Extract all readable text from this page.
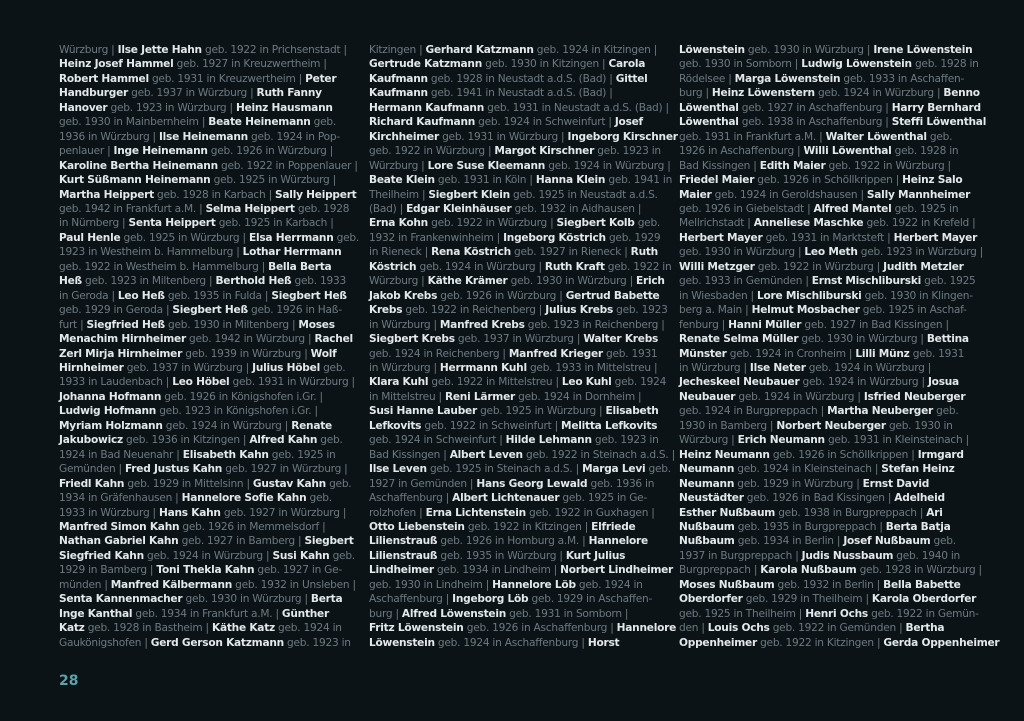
Würzburg | Ilse Jette Hahn geb. 1922 in Prichsenstadt |
Heinz Josef Hammel geb. 1927 in Kreuzwertheim |
Robert Hammel geb. 1931 in Kreuzwertheim | Peter
Handburger geb. 1937 in Würzburg | Ruth Fanny
Hanover geb. 1923 in Würzburg | Heinz Hausmann
geb. 1930 in Mainbernheim | Beate Heinemann geb.
1936 in Würzburg | Ilse Heinemann geb. 1924 in Pop-
penlauer | Inge Heinemann geb. 1926 in Würzburg |
Karoline Bertha Heinemann geb. 1922 in Poppenlauer |
Kurt Süßmann Heinemann geb. 1925 in Würzburg |
Martha Heippert geb. 1928 in Karbach | Sally Heippert
geb. 1942 in Frankfurt a.M. | Selma Heippert geb. 1928
in Nürnberg | Senta Heippert geb. 1925 in Karbach |
Paul Henle geb. 1925 in Würzburg | Elsa Herrmann geb.
1923 in Westheim b. Hammelburg | Lothar Herrmann
geb. 1922 in Westheim b. Hammelburg | Bella Berta
Heß geb. 1923 in Miltenberg | Berthold Heß geb. 1933
in Geroda | Leo Heß geb. 1935 in Fulda | Siegbert Heß
geb. 1929 in Geroda | Siegbert Heß geb. 1926 in Haß-
furt | Siegfried Heß geb. 1930 in Miltenberg | Moses
Menachim Hirnheimer geb. 1942 in Würzburg | Rachel
Zerl Mirja Hirnheimer geb. 1939 in Würzburg | Wolf
Hirnheimer geb. 1937 in Würzburg | Julius Höbel geb.
1933 in Laudenbach | Leo Höbel geb. 1931 in Würzburg |
Johanna Hofmann geb. 1926 in Königshofen i.Gr. |
Ludwig Hofmann geb. 1923 in Königshofen i.Gr. |
Myriam Holzmann geb. 1924 in Würzburg | Renate
Jakubowicz geb. 1936 in Kitzingen | Alfred Kahn geb.
1924 in Bad Neuenahr | Elisabeth Kahn geb. 1925 in
Gemünden | Fred Justus Kahn geb. 1927 in Würzburg |
Friedl Kahn geb. 1929 in Mittelsinn | Gustav Kahn geb.
1934 in Gräfenhausen | Hannelore Sofie Kahn geb.
1933 in Würzburg | Hans Kahn geb. 1927 in Würzburg |
Manfred Simon Kahn geb. 1926 in Memmelsdorf |
Nathan Gabriel Kahn geb. 1927 in Bamberg | Siegbert
Siegfried Kahn geb. 1924 in Würzburg | Susi Kahn geb.
1929 in Bamberg | Toni Thekla Kahn geb. 1927 in Ge-
münden | Manfred Kälbermann geb. 1932 in Unsleben |
Senta Kannenmacher geb. 1930 in Würzburg | Berta
Inge Kanthal geb. 1934 in Frankfurt a.M. | Günther
Katz geb. 1928 in Bastheim | Käthe Katz geb. 1924 in
Gaukönigshofen | Gerd Gerson Katzmann geb. 1923 in
Kitzingen | Gerhard Katzmann geb. 1924 in Kitzingen |
Gertrude Katzmann geb. 1930 in Kitzingen | Carola
Kaufmann geb. 1928 in Neustadt a.d.S. (Bad) | Gittel
Kaufmann geb. 1941 in Neustadt a.d.S. (Bad) |
Hermann Kaufmann geb. 1931 in Neustadt a.d.S. (Bad) |
Richard Kaufmann geb. 1924 in Schweinfurt | Josef
Kirchheimer geb. 1931 in Würzburg | Ingeborg Kirschner
geb. 1922 in Würzburg | Margot Kirschner geb. 1923 in
Würzburg | Lore Suse Kleemann geb. 1924 in Würzburg |
Beate Klein geb. 1931 in Köln | Hanna Klein geb. 1941 in
Theilheim | Siegbert Klein geb. 1925 in Neustadt a.d.S.
(Bad) | Edgar Kleinhäuser geb. 1932 in Aidhausen |
Erna Kohn geb. 1922 in Würzburg | Siegbert Kolb geb.
1932 in Frankenwinheim | Ingeborg Köstrich geb. 1929
in Rieneck | Rena Köstrich geb. 1927 in Rieneck | Ruth
Köstrich geb. 1924 in Würzburg | Ruth Kraft geb. 1922 in
Würzburg | Käthe Krämer geb. 1930 in Würzburg | Erich
Jakob Krebs geb. 1926 in Würzburg | Gertrud Babette
Krebs geb. 1922 in Reichenberg | Julius Krebs geb. 1923
in Würzburg | Manfred Krebs geb. 1923 in Reichenberg |
Siegbert Krebs geb. 1937 in Würzburg | Walter Krebs
geb. 1924 in Reichenberg | Manfred Krieger geb. 1931
in Würzburg | Herrmann Kuhl geb. 1933 in Mittelstreu |
Klara Kuhl geb. 1922 in Mittelstreu | Leo Kuhl geb. 1924
in Mittelstreu | Reni Lärmer geb. 1924 in Dornheim |
Susi Hanne Lauber geb. 1925 in Würzburg | Elisabeth
Lefkovits geb. 1922 in Schweinfurt | Melitta Lefkovits
geb. 1924 in Schweinfurt | Hilde Lehmann geb. 1923 in
Bad Kissingen | Albert Leven geb. 1922 in Steinach a.d.S. |
Ilse Leven geb. 1925 in Steinach a.d.S. | Marga Levi geb.
1927 in Gemünden | Hans Georg Lewald geb. 1936 in
Aschaffenburg | Albert Lichtenauer geb. 1925 in Ge-
rolzhofen | Erna Lichtenstein geb. 1922 in Guxhagen |
Otto Liebenstein geb. 1922 in Kitzingen | Elfriede
Lilienstrauß geb. 1926 in Homburg a.M. | Hannelore
Lilienstrauß geb. 1935 in Würzburg | Kurt Julius
Lindheimer geb. 1934 in Lindheim | Norbert Lindheimer
geb. 1930 in Lindheim | Hannelore Löb geb. 1924 in
Aschaffenburg | Ingeborg Löb geb. 1929 in Aschaffen-
burg | Alfred Löwenstein geb. 1931 in Somborn |
Fritz Löwenstein geb. 1926 in Aschaffenburg | Hannelore
Löwenstein geb. 1924 in Aschaffenburg | Horst
Löwenstein geb. 1930 in Würzburg | Irene Löwenstein
geb. 1930 in Somborn | Ludwig Löwenstein geb. 1928 in
Rödelsee | Marga Löwenstein geb. 1933 in Aschaffen-
burg | Heinz Löwenstern geb. 1924 in Würzburg | Benno
Löwenthal geb. 1927 in Aschaffenburg | Harry Bernhard
Löwenthal geb. 1938 in Aschaffenburg | Steffi Löwenthal
geb. 1931 in Frankfurt a.M. | Walter Löwenthal geb.
1926 in Aschaffenburg | Willi Löwenthal geb. 1928 in
Bad Kissingen | Edith Maier geb. 1922 in Würzburg |
Friedel Maier geb. 1926 in Schöllkrippen | Heinz Salo
Maier geb. 1924 in Geroldshausen | Sally Mannheimer
geb. 1926 in Giebelstadt | Alfred Mantel geb. 1925 in
Mellrichstadt | Anneliese Maschke geb. 1922 in Krefeld |
Herbert Mayer geb. 1931 in Marktsteft | Herbert Mayer
geb. 1930 in Würzburg | Leo Meth geb. 1923 in Würzburg |
Willi Metzger geb. 1922 in Würzburg | Judith Metzler
geb. 1933 in Gemünden | Ernst Mischliburski geb. 1925
in Wiesbaden | Lore Mischliburski geb. 1930 in Klingen-
berg a. Main | Helmut Mosbacher geb. 1925 in Aschaf-
fenburg | Hanni Müller geb. 1927 in Bad Kissingen |
Renate Selma Müller geb. 1930 in Würzburg | Bettina
Münster geb. 1924 in Cronheim | Lilli Münz geb. 1931
in Würzburg | Ilse Neter geb. 1924 in Würzburg |
Jecheskeel Neubauer geb. 1924 in Würzburg | Josua
Neubauer geb. 1924 in Würzburg | Isfried Neuberger
geb. 1924 in Burgpreppach | Martha Neuberger geb.
1930 in Bamberg | Norbert Neuberger geb. 1930 in
Würzburg | Erich Neumann geb. 1931 in Kleinsteinach |
Heinz Neumann geb. 1926 in Schöllkrippen | Irmgard
Neumann geb. 1924 in Kleinsteinach | Stefan Heinz
Neumann geb. 1929 in Würzburg | Ernst David
Neustädter geb. 1926 in Bad Kissingen | Adelheid
Esther Nußbaum geb. 1938 in Burgpreppach | Ari
Nußbaum geb. 1935 in Burgpreppach | Berta Batja
Nußbaum geb. 1934 in Berlin | Josef Nußbaum geb.
1937 in Burgpreppach | Judis Nussbaum geb. 1940 in
Burgpreppach | Karola Nußbaum geb. 1928 in Würzburg |
Moses Nußbaum geb. 1932 in Berlin | Bella Babette
Oberdorfer geb. 1929 in Theilheim | Karola Oberdorfer
geb. 1925 in Theilheim | Henri Ochs geb. 1922 in Gemün-
den | Louis Ochs geb. 1922 in Gemünden | Bertha
Oppenheimer geb. 1922 in Kitzingen | Gerda Oppenheimer
28
